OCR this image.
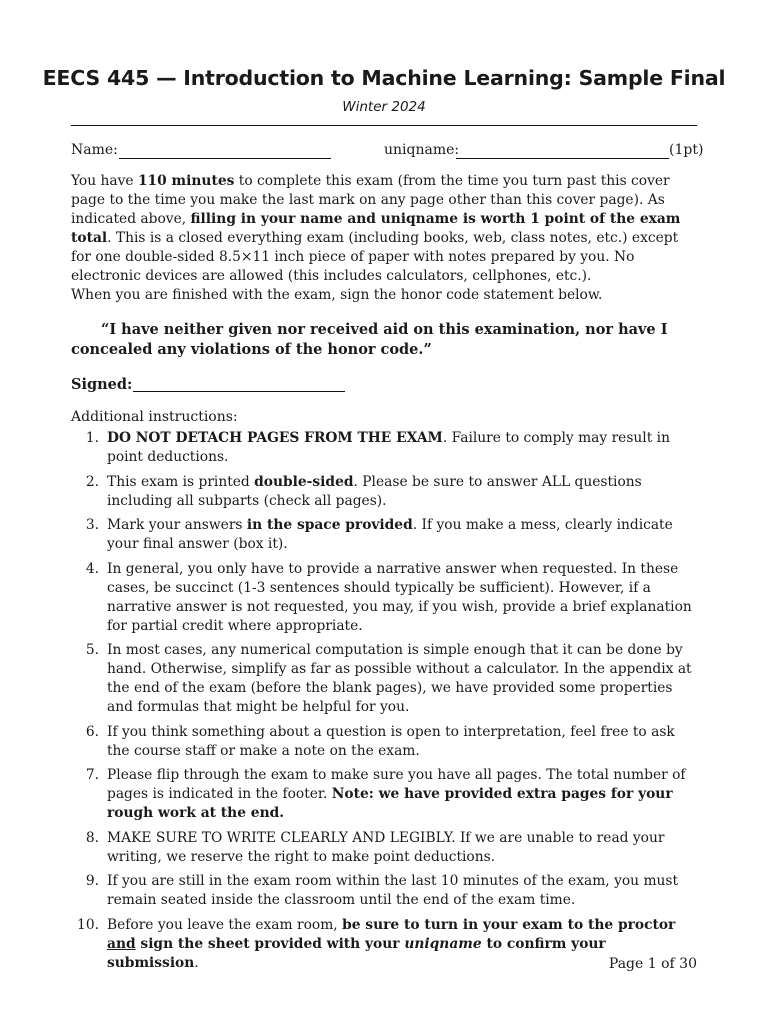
EECS 445 — Introduction to Machine Learning: Sample Final
Winter 2024
Name:	uniqname:	(1pt)

You have 110 minutes to complete this exam (from the time you turn past this cover page to the time you make the last mark on any page other than this cover page). As indicated above, filling in your name and uniqname is worth 1 point of the exam total. This is a closed everything exam (including books, web, class notes, etc.) except for one double-sided 8.5×11 inch piece of paper with notes prepared by you. No electronic devices are allowed (this includes calculators, cellphones, etc.).

When you are finished with the exam, sign the honor code statement below.

“I have neither given nor received aid on this examination, nor have I concealed any violations of the honor code.”

Signed:
Additional instructions:
1. DO NOT DETACH PAGES FROM THE EXAM. Failure to comply may result in point deductions.
2. This exam is printed double-sided. Please be sure to answer ALL questions including all subparts (check all pages).
3. Mark your answers in the space provided. If you make a mess, clearly indicate your final answer (box it).
4. In general, you only have to provide a narrative answer when requested. In these cases, be succinct (1-3 sentences should typically be sufficient). However, if a narrative answer is not requested, you may, if you wish, provide a brief explanation for partial credit where appropriate.
5. In most cases, any numerical computation is simple enough that it can be done by hand. Otherwise, simplify as far as possible without a calculator. In the appendix at the end of the exam (before the blank pages), we have provided some properties and formulas that might be helpful for you.
6. If you think something about a question is open to interpretation, feel free to ask the course staff or make a note on the exam.
7. Please flip through the exam to make sure you have all pages. The total number of pages is indicated in the footer. Note: we have provided extra pages for your rough work at the end.
8. MAKE SURE TO WRITE CLEARLY AND LEGIBLY. If we are unable to read your writing, we reserve the right to make point deductions.
9. If you are still in the exam room within the last 10 minutes of the exam, you must remain seated inside the classroom until the end of the exam time.
10. Before you leave the exam room, be sure to turn in your exam to the proctor and sign the sheet provided with your uniqname to confirm your submission.	Page 1 of 30
